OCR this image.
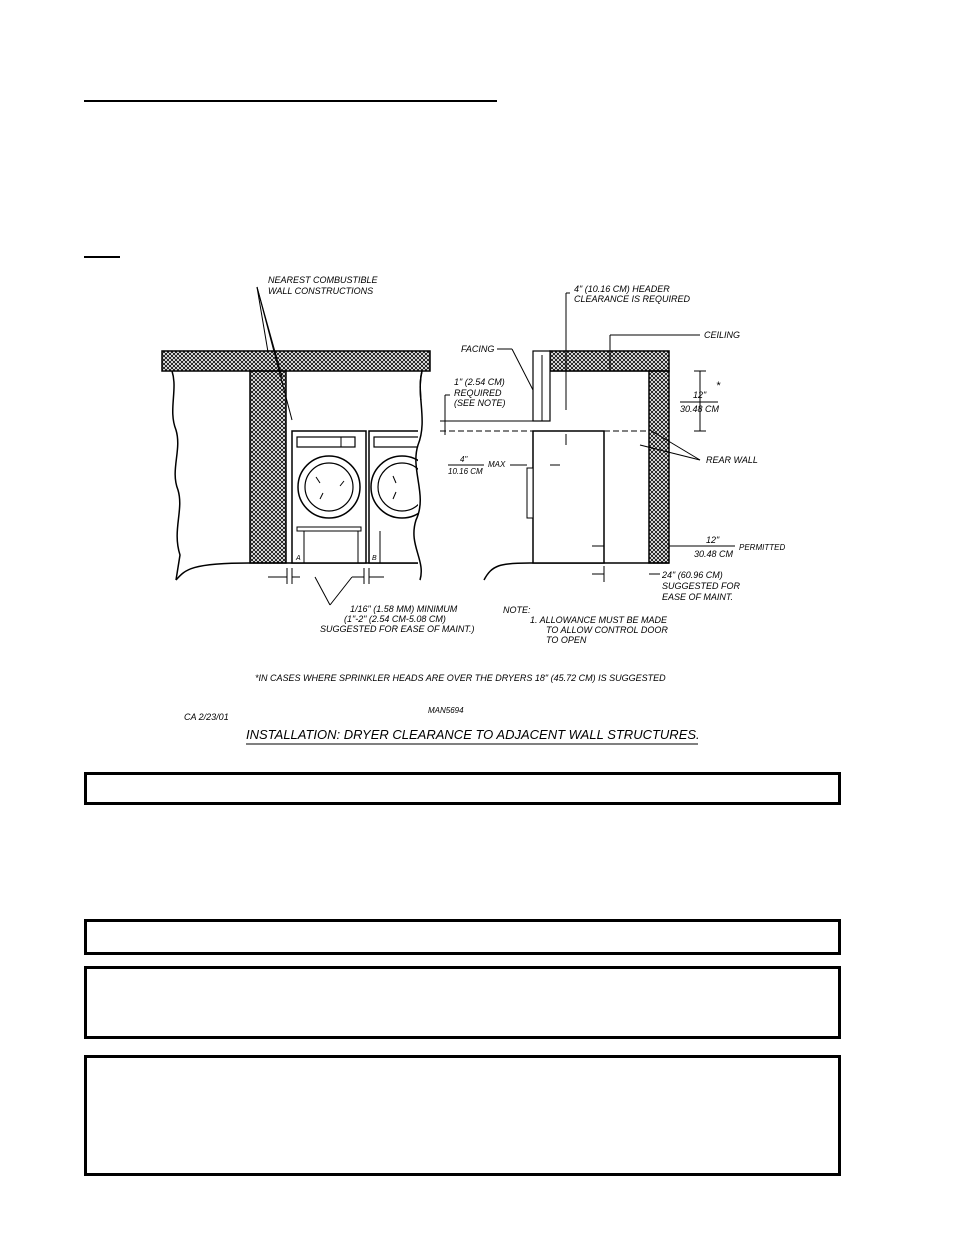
A	B
NEAREST COMBUSTIBLE
WALL CONSTRUCTIONS
1/16" (1.58 MM) MINIMUM
(1"-2" (2.54 CM-5.08 CM)
SUGGESTED FOR EASE OF MAINT.)
4" (10.16 CM) HEADER
CLEARANCE IS REQUIRED
CEILING
FACING
1" (2.54 CM)
REQUIRED
(SEE NOTE)
12"
30.48 CM
*
4"
10.16 CM
MAX	REAR WALL
12"
30.48 CM
PERMITTED
24" (60.96 CM)
SUGGESTED FOR
EASE OF MAINT.
NOTE:
1. ALLOWANCE MUST BE MADE
TO ALLOW CONTROL DOOR
TO OPEN
*IN CASES WHERE SPRINKLER HEADS ARE OVER THE DRYERS 18" (45.72 CM) IS SUGGESTED
CA 2/23/01
MAN5694
INSTALLATION: DRYER CLEARANCE TO ADJACENT WALL STRUCTURES.
